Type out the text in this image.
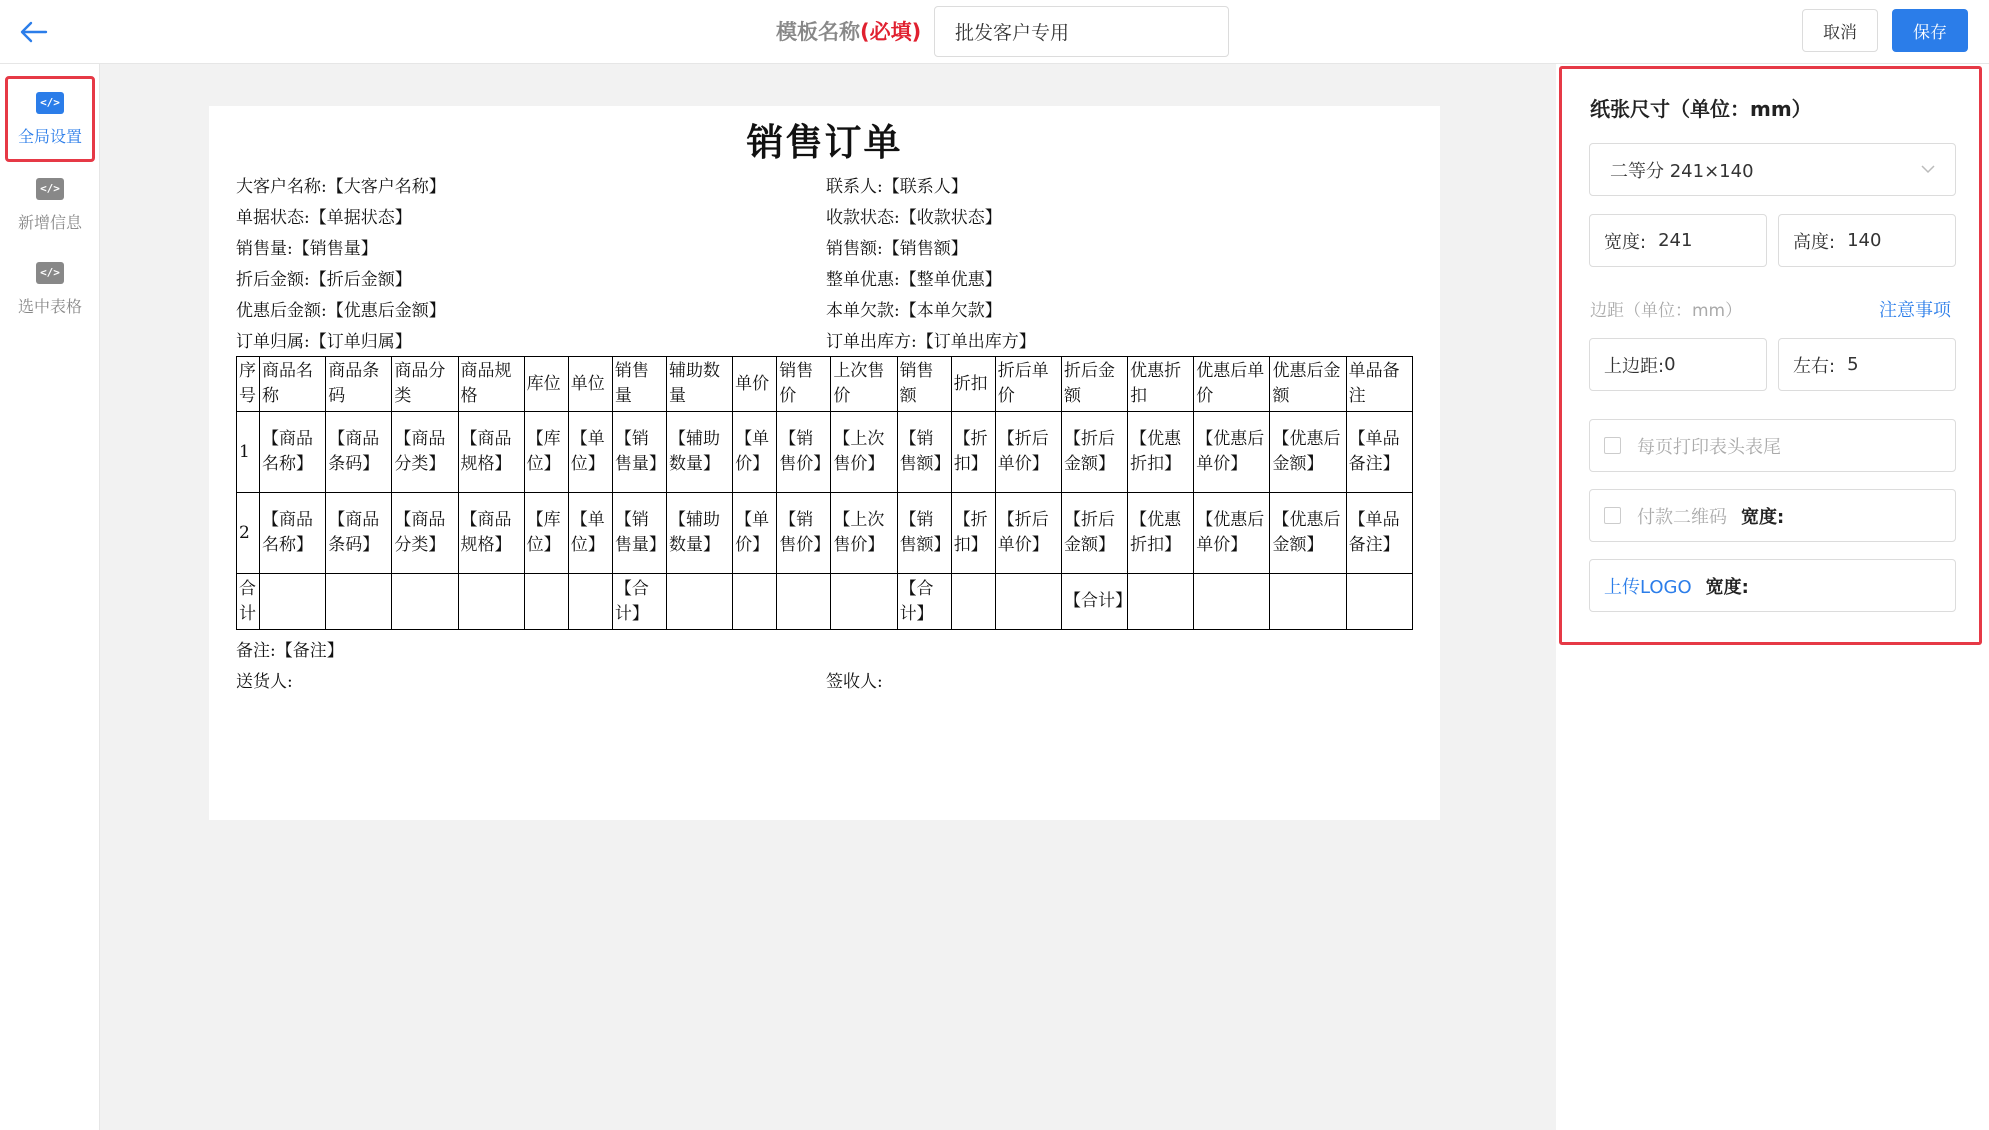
模板名称(必填)
批发客户专用	取消	保存
</>
全局设置
</>
新增信息
</>
选中表格
销售订单
大客户名称:【大客户名称】
单据状态:【单据状态】
销售量:【销售量】
折后金额:【折后金额】
优惠后金额:【优惠后金额】
订单归属:【订单归属】
联系人:【联系人】
收款状态:【收款状态】
销售额:【销售额】
整单优惠:【整单优惠】
本单欠款:【本单欠款】
订单出库方:【订单出库方】
序号	商品名称	商品条码	商品分类	商品规格	库位	单位	销售量	辅助数量	单价	销售价	上次售价	销售额	折扣	折后单价	折后金额	优惠折扣	优惠后单价	优惠后金额	单品备注
1	【商品名称】	【商品条码】	【商品分类】	【商品规格】	【库位】	【单位】	【销售量】	【辅助数量】	【单价】	【销售价】	【上次售价】	【销售额】	【折扣】	【折后单价】	【折后金额】	【优惠折扣】	【优惠后单价】	【优惠后金额】	【单品备注】
2	【商品名称】	【商品条码】	【商品分类】	【商品规格】	【库位】	【单位】	【销售量】	【辅助数量】	【单价】	【销售价】	【上次售价】	【销售额】	【折扣】	【折后单价】	【折后金额】	【优惠折扣】	【优惠后单价】	【优惠后金额】	【单品备注】
合计							【合计】					【合计】			【合计】				
备注:【备注】
送货人:	签收人:
纸张尺寸（单位：mm）
二等分 241×140
宽度: 241	高度: 140
边距（单位：mm）	注意事项
上边距: 0	左右: 5
每页打印表头表尾
付款二维码 宽度:
上传LOGO 宽度:
